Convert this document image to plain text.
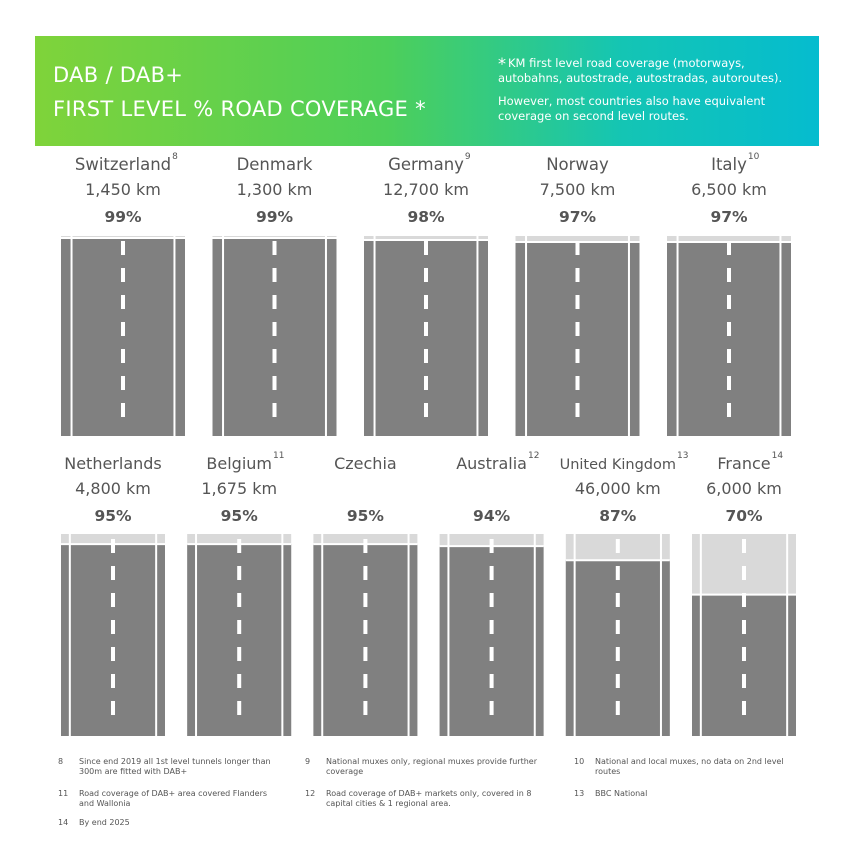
DAB / DAB+
FIRST LEVEL % ROAD COVERAGE *

* KM first level road coverage (motorways, autobahns, autostrade, autostradas, autoroutes).

However, most countries also have equivalent coverage on second level routes.

Switzerland
1,450 km
99%
Denmark
1,300 km
99%
Germany
12,700 km
98%
Norway
7,500 km
97%
Italy
6,500 km
97%
Netherlands
4,800 km
95%
Belgium
1,675 km
95%
Czechia
95%
Australia
94%
United Kingdom
46,000 km
87%
France
6,000 km
70%
8	9	10
11	12	13	14
8 Since end 2019 all 1st level tunnels longer than 300m are fitted with DAB+
9 National muxes only, regional muxes provide further coverage
10 National and local muxes, no data on 2nd level routes
11 Road coverage of DAB+ area covered Flanders and Wallonia
12 Road coverage of DAB+ markets only, covered in 8 capital cities & 1 regional area.
13 BBC National
14 By end 2025
